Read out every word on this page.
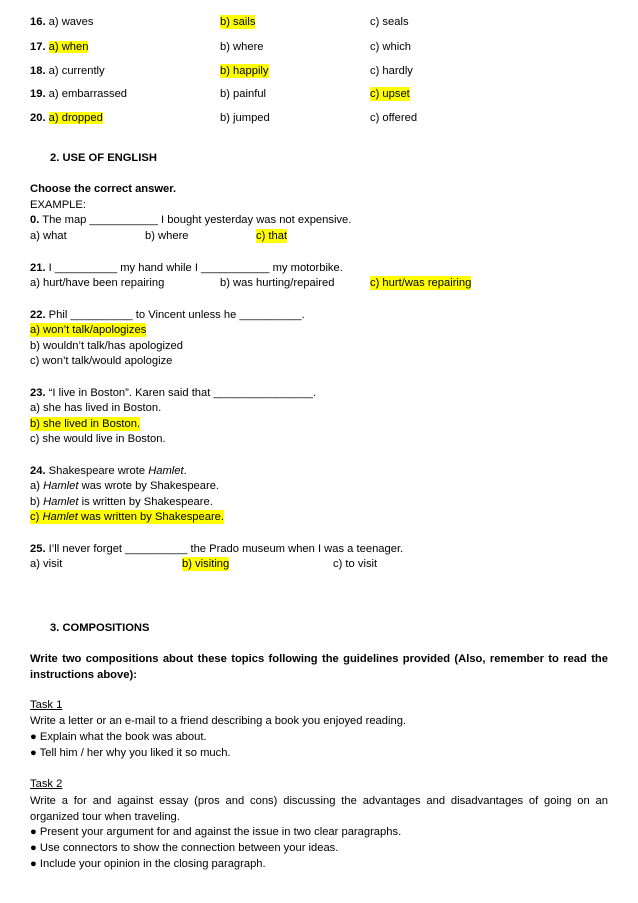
16. a) waves	b) sails	c) seals
17. a) when	b) where	c) which
18. a) currently	b) happily	c) hardly
19. a) embarrassed	b) painful	c) upset
20. a) dropped	b) jumped	c) offered
2. USE OF ENGLISH
Choose the correct answer.
EXAMPLE:
0. The map ___________ I bought yesterday was not expensive.
a) what	b) where	c) that
21. I __________ my hand while I ___________ my motorbike.
a) hurt/have been repairing	b) was hurting/repaired	c) hurt/was repairing
22. Phil __________ to Vincent unless he __________.
a) won’t talk/apologizes
b) wouldn’t talk/has apologized
c) won’t talk/would apologize
23. “I live in Boston”. Karen said that ________________.
a) she has lived in Boston.
b) she lived in Boston.
c) she would live in Boston.
24. Shakespeare wrote Hamlet.
a) Hamlet was wrote by Shakespeare.
b) Hamlet is written by Shakespeare.
c) Hamlet was written by Shakespeare.
25. I’ll never forget __________ the Prado museum when I was a teenager.
a) visit	b) visiting	c) to visit
3. COMPOSITIONS
Write two compositions about these topics following the guidelines provided (Also, remember to read the instructions above):
Task 1
Write a letter or an e-mail to a friend describing a book you enjoyed reading.
● Explain what the book was about.
● Tell him / her why you liked it so much.
Task 2
Write a for and against essay (pros and cons) discussing the advantages and disadvantages of going on an organized tour when traveling.
● Present your argument for and against the issue in two clear paragraphs.
● Use connectors to show the connection between your ideas.
● Include your opinion in the closing paragraph.
